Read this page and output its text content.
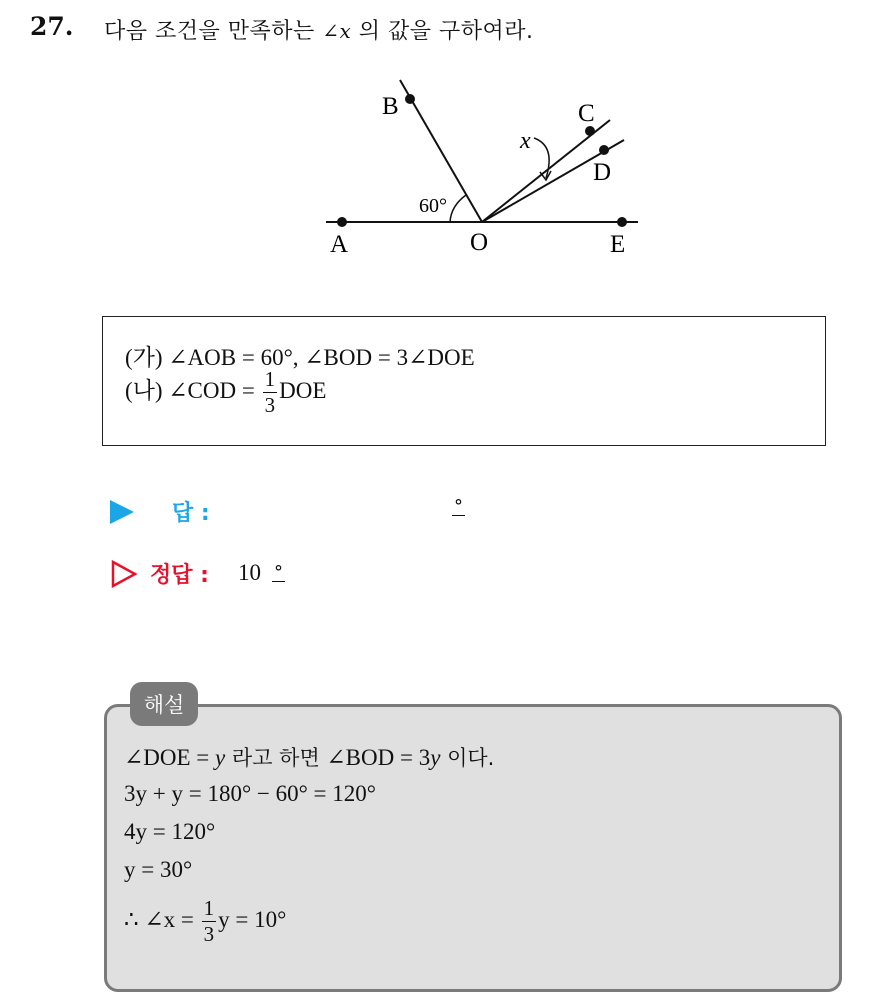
27. 다음 조건을 만족하는 ∠x 의 값을 구하여라.
A	O	E
B	C
D
x
60°
(가) ∠AOB = 60°, ∠BOD = 3∠DOE
(나) ∠COD = $\frac{1}{3}$ DOE
답 :	°
정답 : 10 °
해설
∠DOE = y 라고 하면 ∠BOD = 3y 이다.
3y + y = 180° − 60° = 120°
4y = 120°
y = 30°
∴ ∠x = $\frac{1}{3}$ y = 10°
